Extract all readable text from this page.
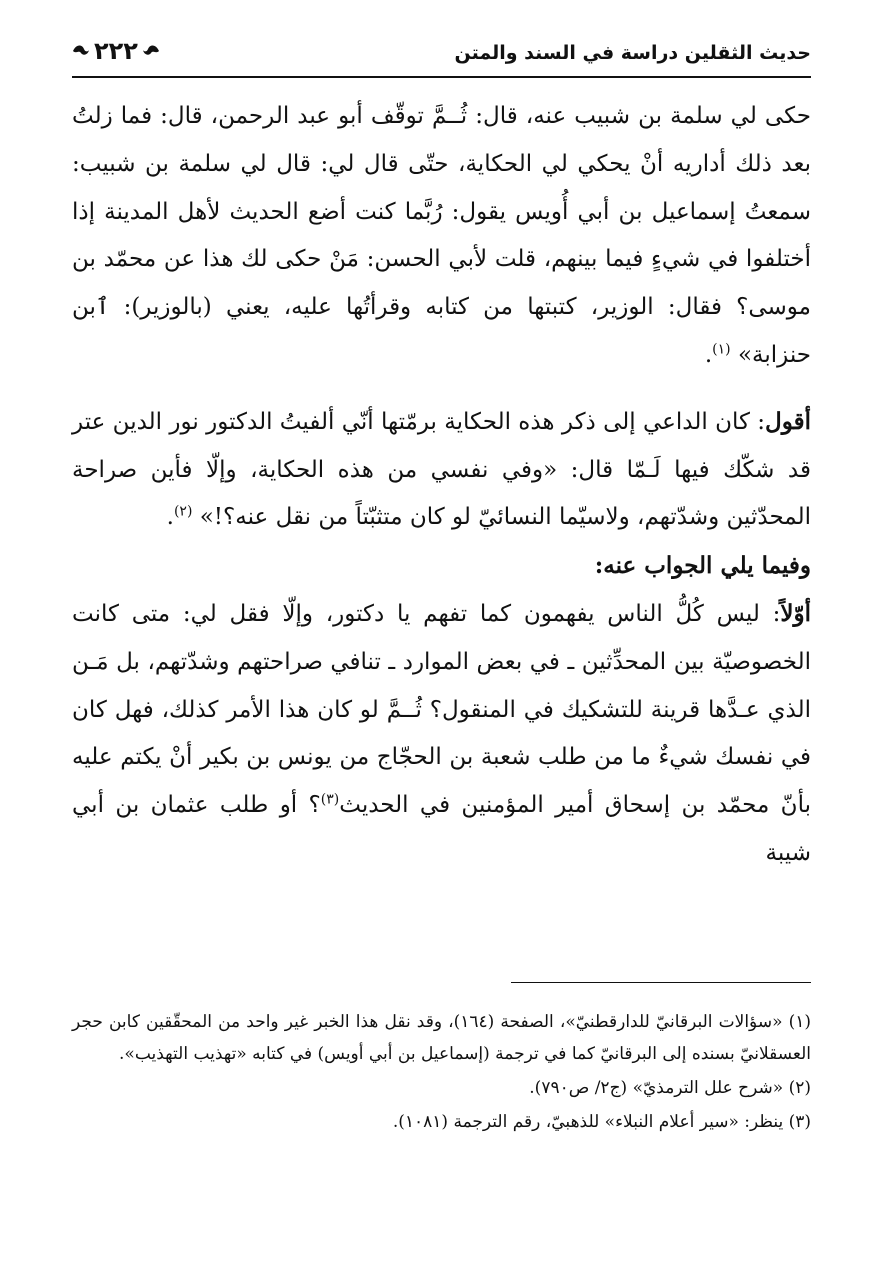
حديث الثقلين دراسة في السند والمتن
٢٢٢

حكى لي سلمة بن شبيب عنه، قال: ثُــمَّ توقّف أبو عبد الرحمن، قال: فما زلتُ بعد ذلك أداريه أنْ يحكي لي الحكاية، حتّى قال لي: قال لي سلمة بن شبيب: سمعتُ إسماعيل بن أبي أُويس يقول: رُبَّما كنت أضع الحديث لأهل المدينة إذا أختلفوا في شيءٍ فيما بينهم، قلت لأبي الحسن: مَنْ حكى لك هذا عن محمّد بن موسى؟ فقال: الوزير، كتبتها من كتابه وقرأتُها عليه، يعني (بالوزير): ٱبن حنزابة» $^{(١)}$.

أقول: كان الداعي إلى ذكر هذه الحكاية برمّتها أنّي ألفيتُ الدكتور نور الدين عتر قد شكّك فيها لَـمّا قال: «وفي نفسي من هذه الحكاية، وإلّا فأين صراحة المحدّثين وشدّتهم، ولاسيّما النسائيّ لو كان متثبّتاً من نقل عنه؟!» $^{(٢)}$.

وفيما يلي الجواب عنه:

أوّلاً: ليس كُلُّ الناس يفهمون كما تفهم يا دكتور، وإلّا فقل لي: متى كانت الخصوصيّة بين المحدِّثين ـ في بعض الموارد ـ تنافي صراحتهم وشدّتهم، بل مَـن الذي عـدَّها قرينة للتشكيك في المنقول؟ ثُــمَّ لو كان هذا الأمر كذلك، فهل كان في نفسك شيءٌ ما من طلب شعبة بن الحجّاج من يونس بن بكير أنْ يكتم عليه بأنّ محمّد بن إسحاق أمير المؤمنين في الحديث$^{(٣)}$؟ أو طلب عثمان بن أبي شيبة

(١) «سؤالات البرقانيّ للدارقطنيّ»، الصفحة (١٦٤)، وقد نقل هذا الخبر غير واحد من المحقّقين كابن حجر العسقلانيّ بسنده إلى البرقانيّ كما في ترجمة (إسماعيل بن أبي أويس) في كتابه «تهذيب التهذيب».

(٢) «شرح علل الترمذيّ» (ج٢/ ص٧٩٠).

(٣) ينظر: «سير أعلام النبلاء» للذهبيّ، رقم الترجمة (١٠٨١).
